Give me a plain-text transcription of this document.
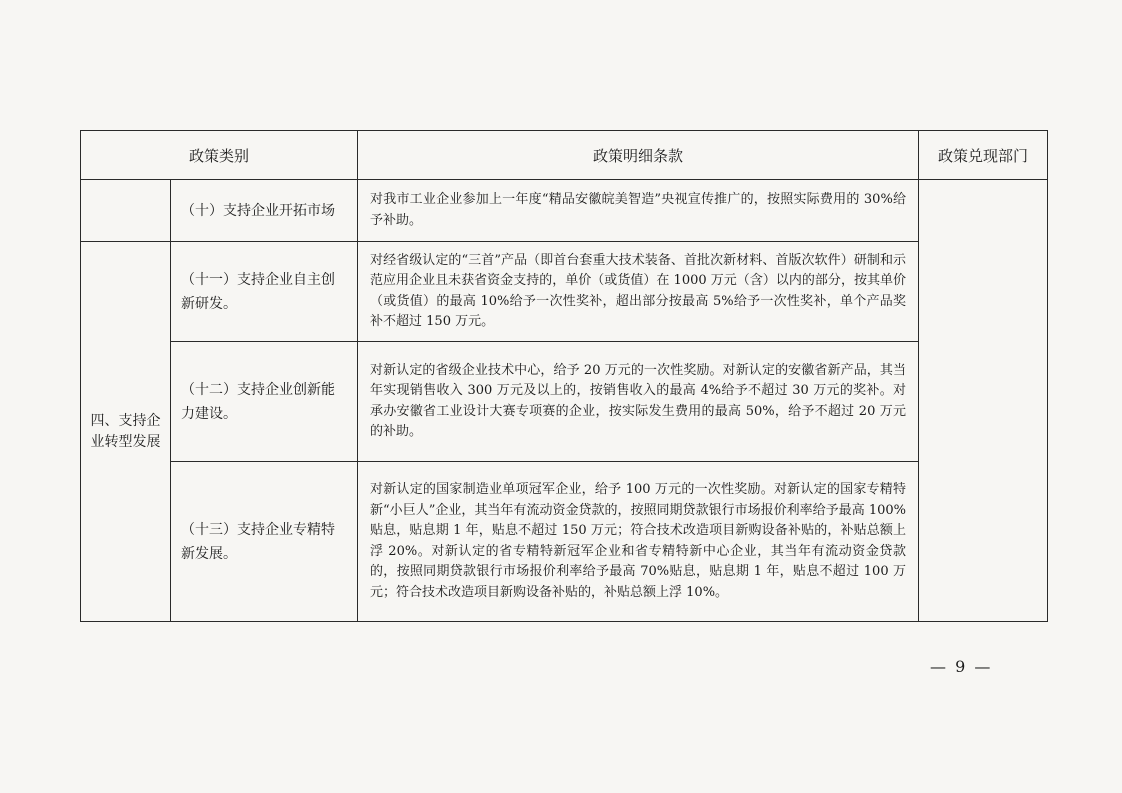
政策类别		政策明细条款	政策兑现部门
	（十）支持企业开拓市场	对我市工业企业参加上一年度“精品安徽皖美智造”央视宣传推广的，按照实际费用的 30%给予补助。	
四、支持企业转型发展	（十一）支持企业自主创新研发。	对经省级认定的“三首”产品（即首台套重大技术装备、首批次新材料、首版次软件）研制和示范应用企业且未获省资金支持的，单价（或货值）在 1000 万元（含）以内的部分，按其单价（或货值）的最高 10%给予一次性奖补，超出部分按最高 5%给予一次性奖补，单个产品奖补不超过 150 万元。	
	（十二）支持企业创新能力建设。	对新认定的省级企业技术中心，给予 20 万元的一次性奖励。对新认定的安徽省新产品，其当年实现销售收入 300 万元及以上的，按销售收入的最高 4%给予不超过 30 万元的奖补。对承办安徽省工业设计大赛专项赛的企业，按实际发生费用的最高 50%，给予不超过 20 万元的补助。	
	（十三）支持企业专精特新发展。	对新认定的国家制造业单项冠军企业，给予 100 万元的一次性奖励。对新认定的国家专精特新“小巨人”企业，其当年有流动资金贷款的，按照同期贷款银行市场报价利率给予最高 100%贴息，贴息期 1 年，贴息不超过 150 万元；符合技术改造项目新购设备补贴的，补贴总额上浮 20%。对新认定的省专精特新冠军企业和省专精特新中心企业，其当年有流动资金贷款的，按照同期贷款银行市场报价利率给予最高 70%贴息，贴息期 1 年，贴息不超过 100 万元；符合技术改造项目新购设备补贴的，补贴总额上浮 10%。	
— 9 —
